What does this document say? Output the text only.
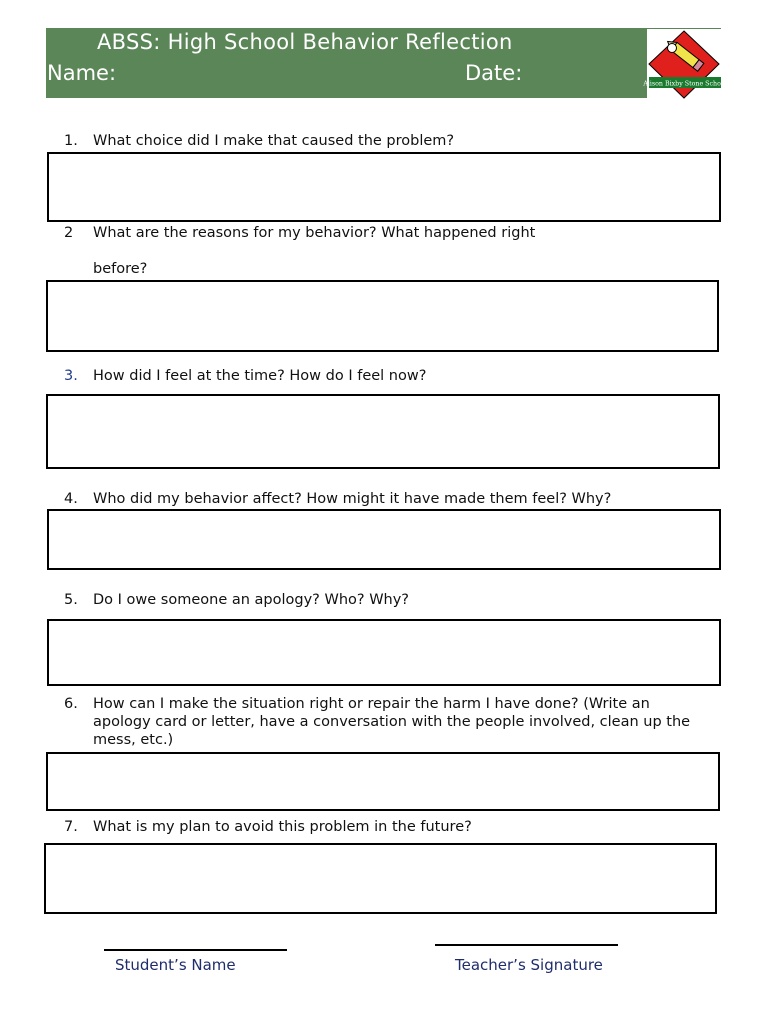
ABSS: High School Behavior Reflection
Name:	Date:	Alison Bixby Stone School
1.	What choice did I make that caused the problem?
2	What are the reasons for my behavior? What happened right
before?
3.	How did I feel at the time? How do I feel now?
4.	Who did my behavior affect? How might it have made them feel? Why?
5.	Do I owe someone an apology? Who? Why?
6.	How can I make the situation right or repair the harm I have done? (Write an
apology card or letter, have a conversation with the people involved, clean up the
mess, etc.)
7.	What is my plan to avoid this problem in the future?
Student’s Name	Teacher’s Signature
